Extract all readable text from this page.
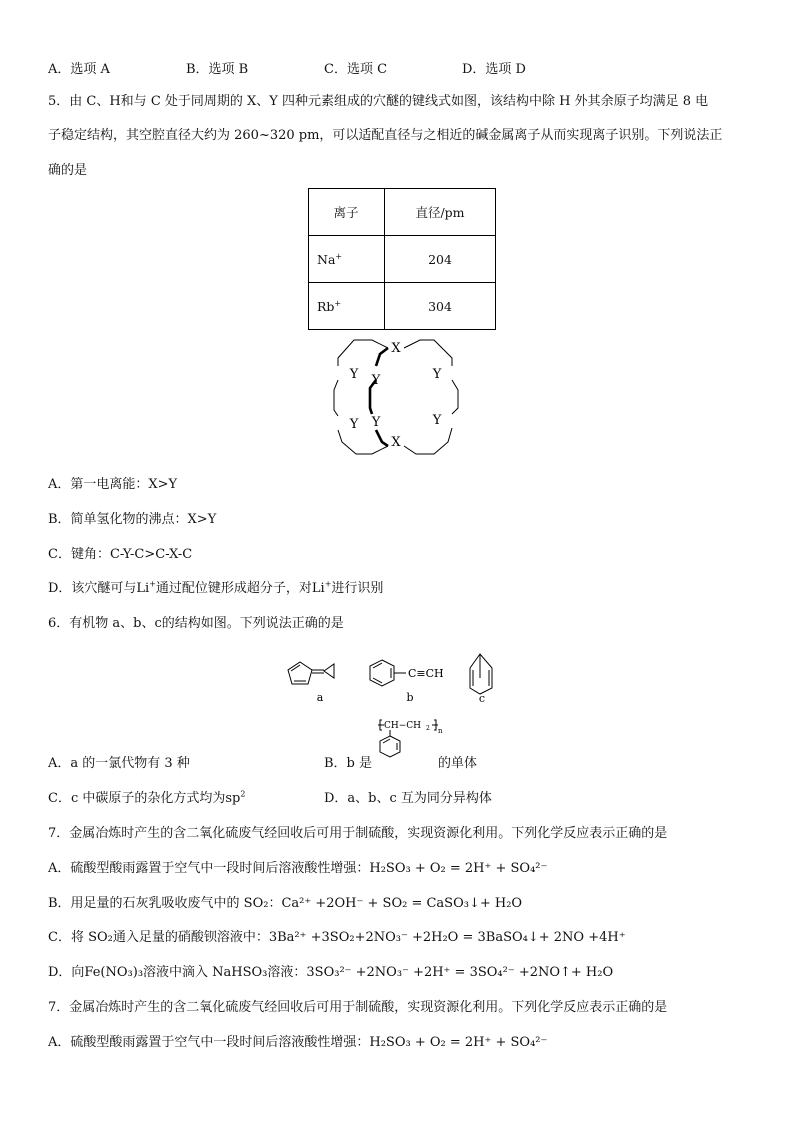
A．选项 A	B．选项 B	C．选项 C	D．选项 D
5．由 C、H和与 C 处于同周期的 X、Y 四种元素组成的穴醚的键线式如图，该结构中除 H 外其余原子均满足 8 电
子稳定结构，其空腔直径大约为 260~320 pm，可以适配直径与之相近的碱金属离子从而实现离子识别。下列说法正
确的是
离子	直径/pm
Na+	204
Rb+	304
X
Y Y	Y
Y Y	Y
X
A．第一电离能：X>Y
B．简单氢化物的沸点：X>Y
C．键角：C-Y-C>C-X-C
D．该穴醚可与Li+通过配位键形成超分子，对Li+进行识别
6．有机物 a、b、c的结构如图。下列说法正确的是
a
C≡CH
b	c
CH−CH 2 n
A．a 的一氯代物有 3 种	B．b 是	的单体
C．c 中碳原子的杂化方式均为$sp^2$	D．a、b、c 互为同分异构体
7．金属冶炼时产生的含二氧化硫废气经回收后可用于制硫酸，实现资源化利用。下列化学反应表示正确的是
A．硫酸型酸雨露置于空气中一段时间后溶液酸性增强：H₂SO₃ + O₂ = 2H⁺ + SO₄²⁻
B．用足量的石灰乳吸收废气中的 SO₂：Ca²⁺ +2OH⁻ + SO₂ = CaSO₃↓+ H₂O
C．将 SO₂通入足量的硝酸钡溶液中：3Ba²⁺ +3SO₂+2NO₃⁻ +2H₂O = 3BaSO₄↓+ 2NO +4H⁺
D．向Fe(NO₃)₃溶液中滴入 NaHSO₃溶液：3SO₃²⁻ +2NO₃⁻ +2H⁺ = 3SO₄²⁻ +2NO↑+ H₂O
7．金属冶炼时产生的含二氧化硫废气经回收后可用于制硫酸，实现资源化利用。下列化学反应表示正确的是
A．硫酸型酸雨露置于空气中一段时间后溶液酸性增强：H₂SO₃ + O₂ = 2H⁺ + SO₄²⁻
